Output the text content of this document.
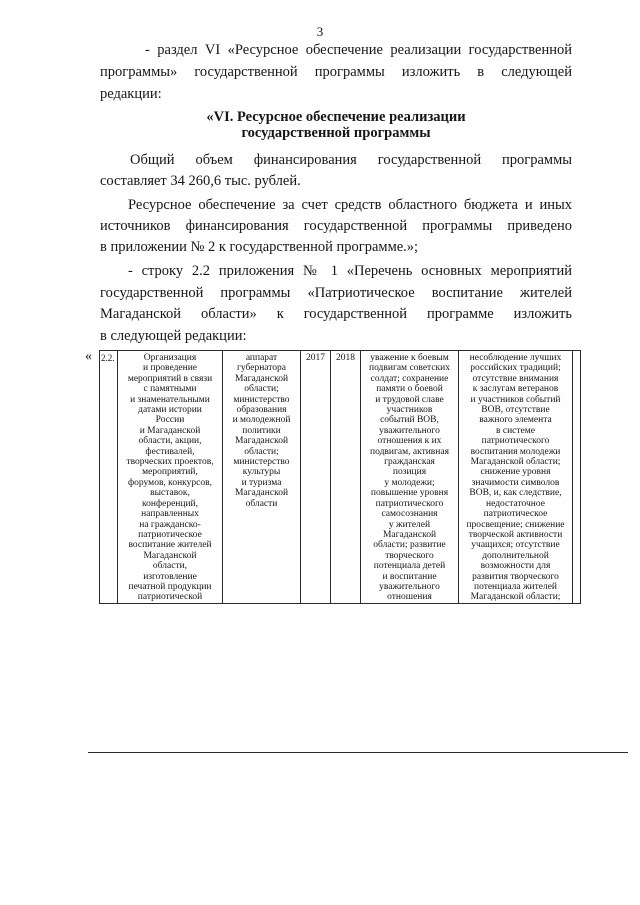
3
- раздел VI «Ресурсное обеспечение реализации государственной
программы» государственной программы изложить в следующей
редакции:
«VI. Ресурсное обеспечение реализации
государственной программы
Общий объем финансирования государственной программы
составляет 34 260,6 тыс. рублей.
Ресурсное обеспечение за счет средств областного бюджета и иных
источников финансирования государственной программы приведено
в приложении № 2 к государственной программе.»;
- строку 2.2 приложения № 1 «Перечень основных мероприятий
государственной программы «Патриотическое воспитание жителей
Магаданской области» к государственной программе изложить
в следующей редакции:
« 2.2.	Организация
и проведение
мероприятий в связи
с памятными
и знаменательными
датами истории
России
и Магаданской
области, акции,
фестивалей,
творческих проектов,
мероприятий,
форумов, конкурсов,
выставок,
конференций,
направленных
на гражданско-
патриотическое
воспитание жителей
Магаданской
области,
изготовление
печатной продукции
патриотической	аппарат
губернатора
Магаданской
области;
министерство
образования
и молодежной
политики
Магаданской
области;
министерство
культуры
и туризма
Магаданской
области	2017	2018	уважение к боевым
подвигам советских
солдат; сохранение
памяти о боевой
и трудовой славе
участников
событий ВОВ,
уважительного
отношения к их
подвигам, активная
гражданская
позиция
у молодежи;
повышение уровня
патриотического
самосознания
у жителей
Магаданской
области; развитие
творческого
потенциала детей
и воспитание
уважительного
отношения	несоблюдение лучших
российских традиций;
отсутствие внимания
к заслугам ветеранов
и участников событий
ВОВ, отсутствие
важного элемента
в системе
патриотического
воспитания молодежи
Магаданской области;
снижение уровня
значимости символов
ВОВ, и, как следствие,
недостаточное
патриотическое
просвещение; снижение
творческой активности
учащихся; отсутствие
дополнительной
возможности для
развития творческого
потенциала жителей
Магаданской области;	
